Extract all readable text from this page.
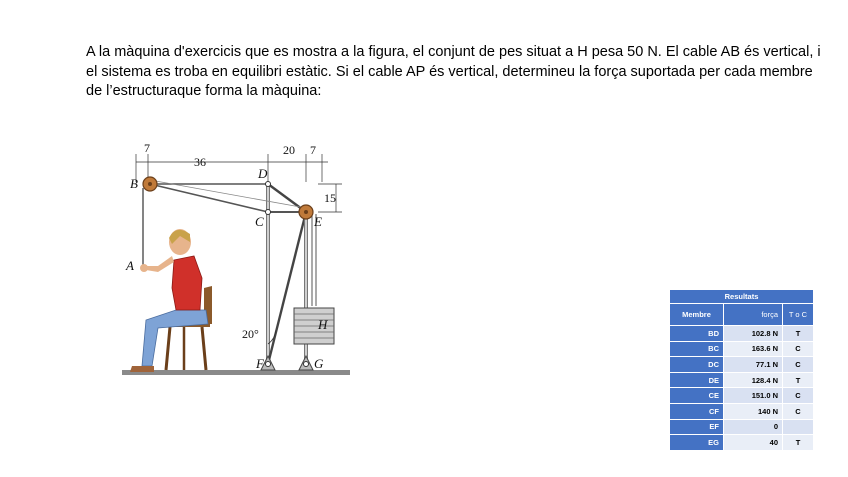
A la màquina d'exercicis que es mostra a la figura, el conjunt de pes situat a H pesa 50 N. El cable AB és vertical, i el sistema es troba en equilibri estàtic. Si el cable AP és vertical, determineu la força suportada per cada membre de l’estructuraque forma la màquina:

7
36
20 7
15
20°
B
A
D
C	E
F	G
H
Resultats		
Membre	força	T o C
BD	102.8 N	T
BC	163.6 N	C
DC	77.1 N	C
DE	128.4 N	T
CE	151.0 N	C
CF	140 N	C
EF	0	
EG	40	T
